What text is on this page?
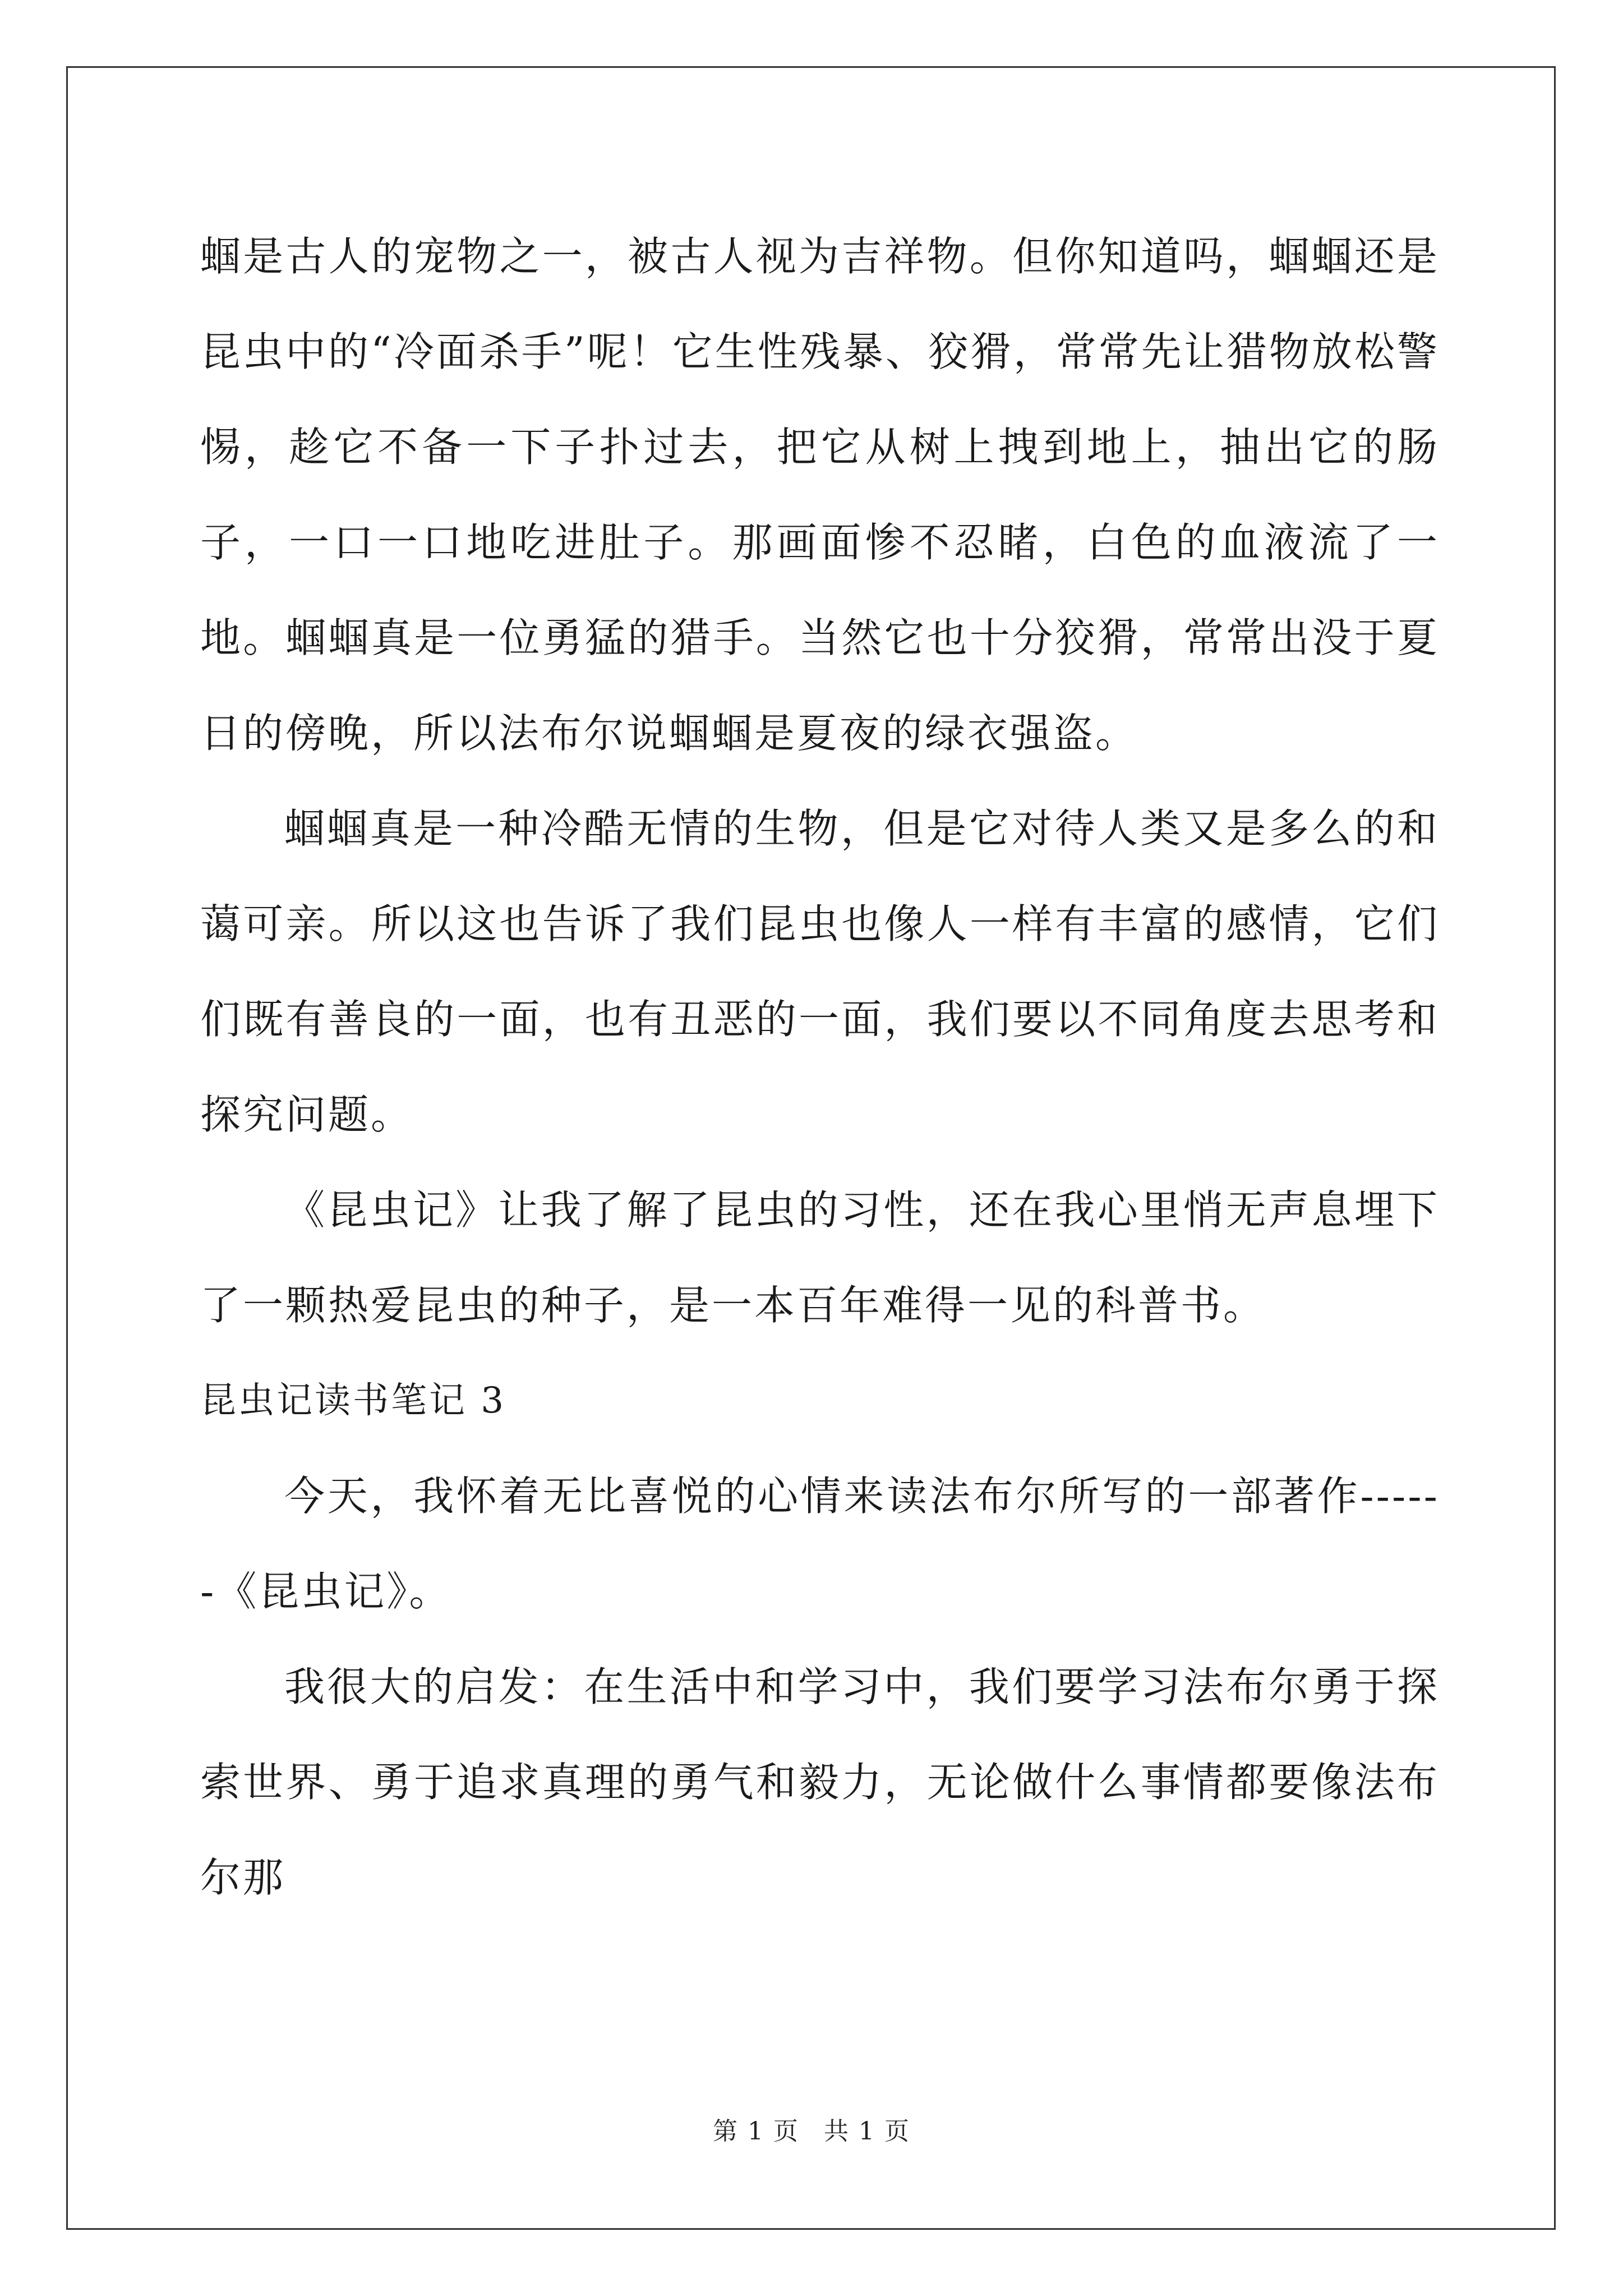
蝈是古人的宠物之一，被古人视为吉祥物。但你知道吗，蝈蝈还是昆虫中的“冷面杀手”呢！它生性残暴、狡猾，常常先让猎物放松警惕，趁它不备一下子扑过去，把它从树上拽到地上，抽出它的肠子，一口一口地吃进肚子。那画面惨不忍睹，白色的血液流了一地。蝈蝈真是一位勇猛的猎手。当然它也十分狡猾，常常出没于夏日的傍晚，所以法布尔说蝈蝈是夏夜的绿衣强盗。

蝈蝈真是一种冷酷无情的生物，但是它对待人类又是多么的和蔼可亲。所以这也告诉了我们昆虫也像人一样有丰富的感情，它们们既有善良的一面，也有丑恶的一面，我们要以不同角度去思考和探究问题。

《昆虫记》让我了解了昆虫的习性，还在我心里悄无声息埋下了一颗热爱昆虫的种子，是一本百年难得一见的科普书。

昆虫记读书笔记 3

今天，我怀着无比喜悦的心情来读法布尔所写的一部著作------《昆虫记》。

我很大的启发：在生活中和学习中，我们要学习法布尔勇于探索世界、勇于追求真理的勇气和毅力，无论做什么事情都要像法布尔那

第 1 页 共 1 页
